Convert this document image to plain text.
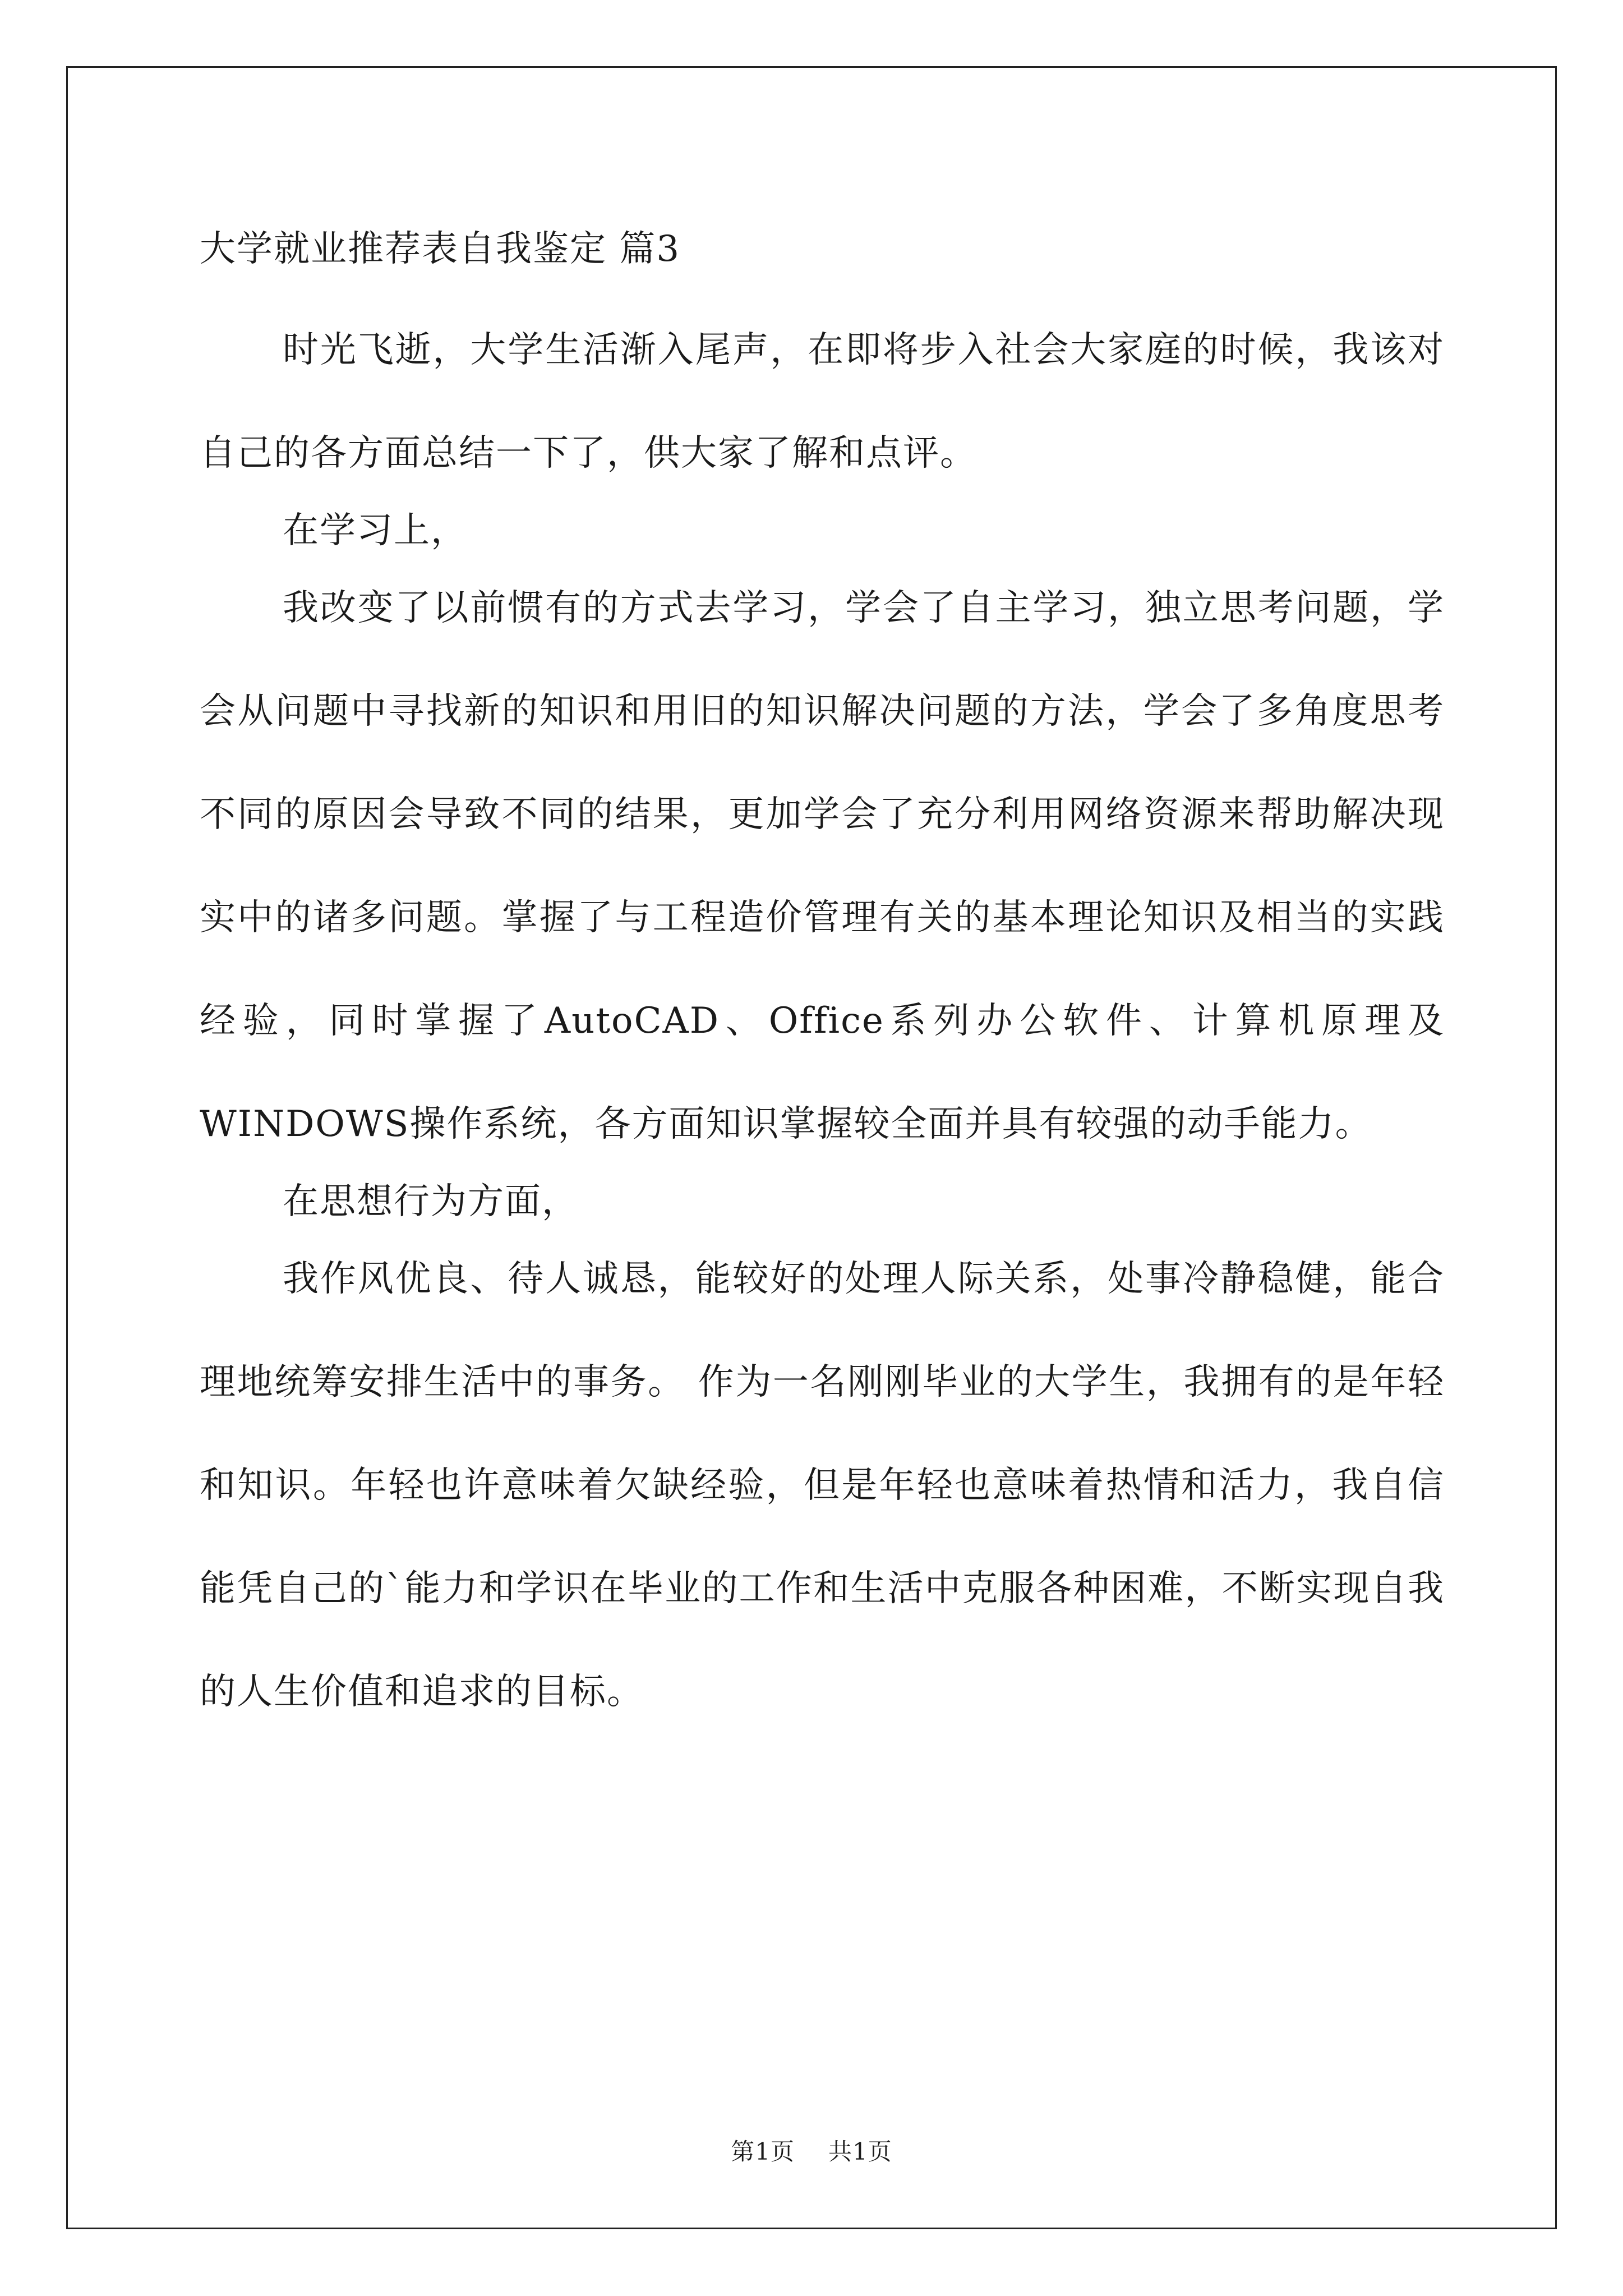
大学就业推荐表自我鉴定 篇3

时光飞逝，大学生活渐入尾声，在即将步入社会大家庭的时候，我该对自己的各方面总结一下了，供大家了解和点评。

在学习上，

我改变了以前惯有的方式去学习，学会了自主学习，独立思考问题，学会从问题中寻找新的知识和用旧的知识解决问题的方法，学会了多角度思考不同的原因会导致不同的结果，更加学会了充分利用网络资源来帮助解决现实中的诸多问题。掌握了与工程造价管理有关的基本理论知识及相当的实践经验，同时掌握了AutoCAD、Office系列办公软件、计算机原理及WINDOWS操作系统，各方面知识掌握较全面并具有较强的动手能力。

在思想行为方面，

我作风优良、待人诚恳，能较好的处理人际关系，处事冷静稳健，能合理地统筹安排生活中的事务。 作为一名刚刚毕业的大学生，我拥有的是年轻和知识。年轻也许意味着欠缺经验，但是年轻也意味着热情和活力，我自信能凭自己的`能力和学识在毕业的工作和生活中克服各种困难，不断实现自我的人生价值和追求的目标。

第1页 共1页
